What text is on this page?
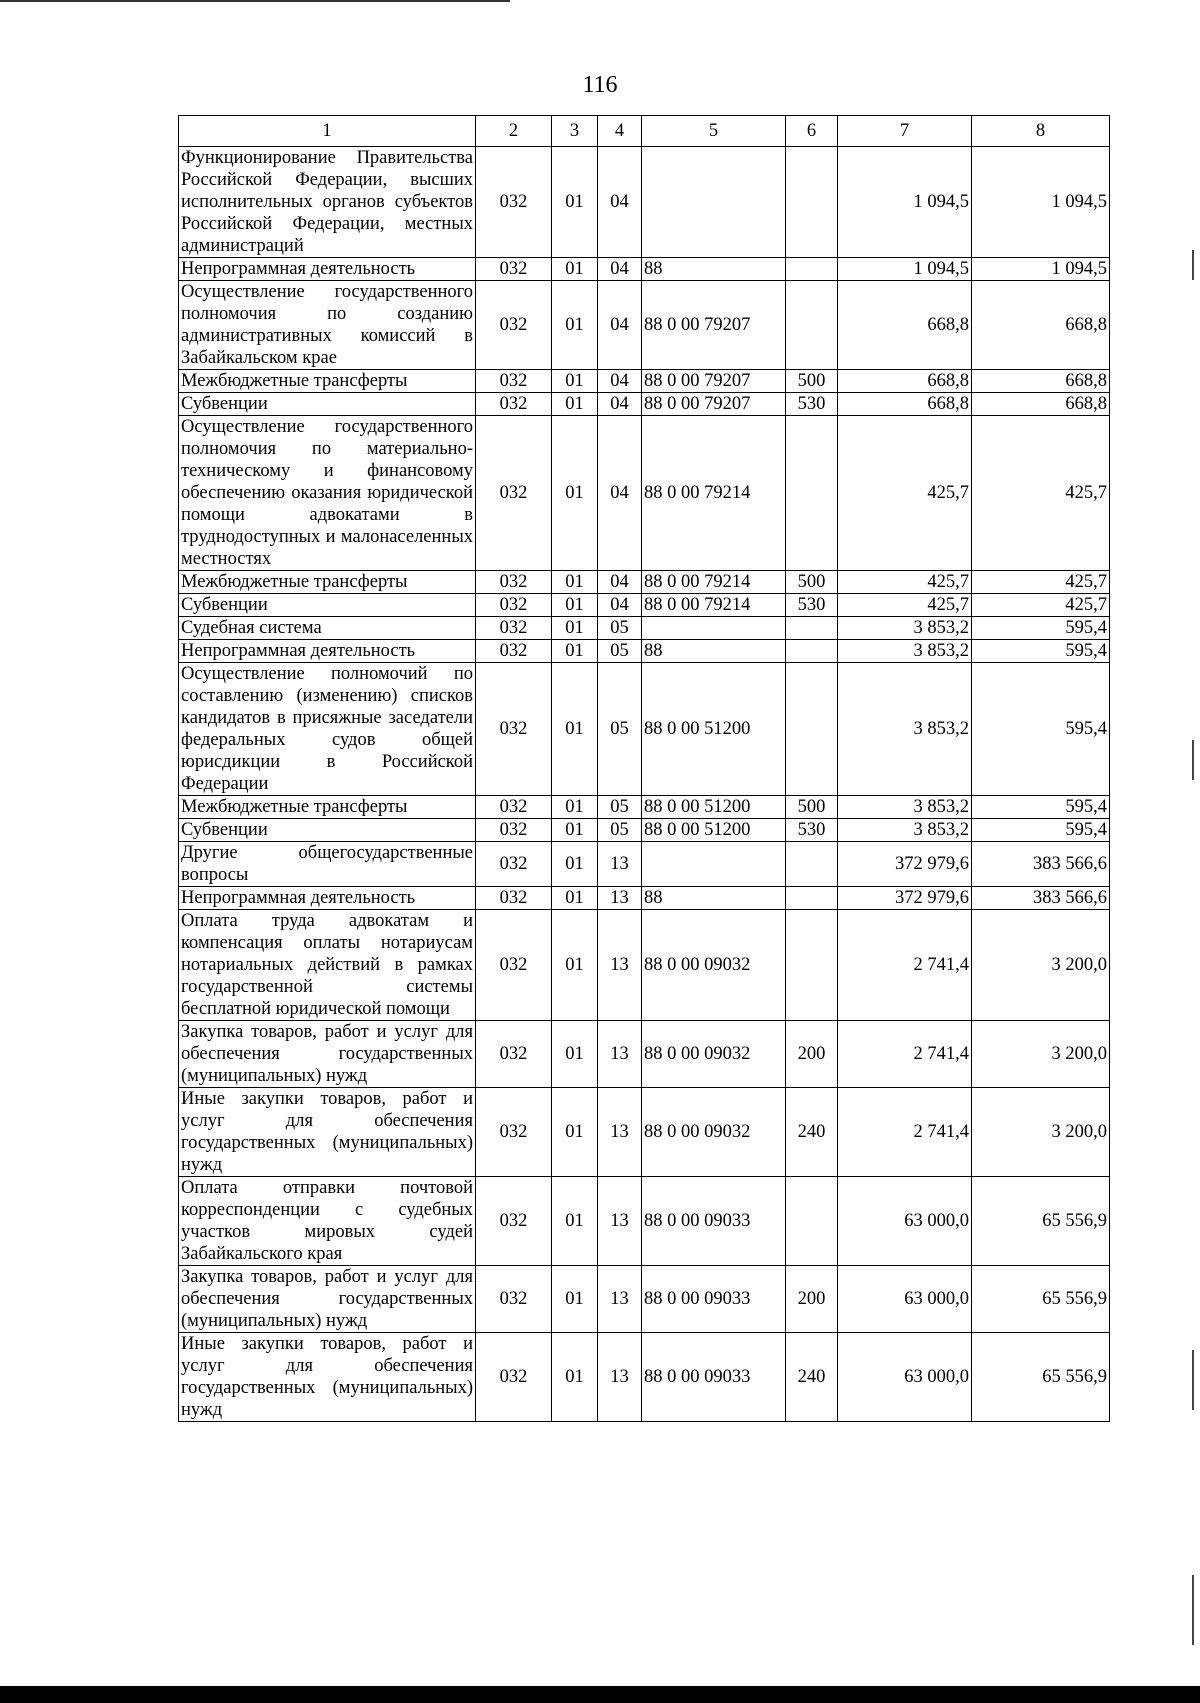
116
1	2	3	4	5	6	7	8
Функционирование Правительства Российской Федерации, высших исполнительных органов субъектов Российской Федерации, местных администраций	032	01	04			1 094,5	1 094,5
Непрограммная деятельность	032	01	04	88		1 094,5	1 094,5
Осуществление государственного полномочия по созданию административных комиссий в Забайкальском крае	032	01	04	88 0 00 79207		668,8	668,8
Межбюджетные трансферты	032	01	04	88 0 00 79207	500	668,8	668,8
Субвенции	032	01	04	88 0 00 79207	530	668,8	668,8
Осуществление государственного полномочия по материально-техническому и финансовому обеспечению оказания юридической помощи адвокатами в труднодоступных и малонаселенных местностях	032	01	04	88 0 00 79214		425,7	425,7
Межбюджетные трансферты	032	01	04	88 0 00 79214	500	425,7	425,7
Субвенции	032	01	04	88 0 00 79214	530	425,7	425,7
Судебная система	032	01	05			3 853,2	595,4
Непрограммная деятельность	032	01	05	88		3 853,2	595,4
Осуществление полномочий по составлению (изменению) списков кандидатов в присяжные заседатели федеральных судов общей юрисдикции в Российской Федерации	032	01	05	88 0 00 51200		3 853,2	595,4
Межбюджетные трансферты	032	01	05	88 0 00 51200	500	3 853,2	595,4
Субвенции	032	01	05	88 0 00 51200	530	3 853,2	595,4
Другие общегосударственные вопросы	032	01	13			372 979,6	383 566,6
Непрограммная деятельность	032	01	13	88		372 979,6	383 566,6
Оплата труда адвокатам и компенсация оплаты нотариусам нотариальных действий в рамках государственной системы бесплатной юридической помощи	032	01	13	88 0 00 09032		2 741,4	3 200,0
Закупка товаров, работ и услуг для обеспечения государственных (муниципальных) нужд	032	01	13	88 0 00 09032	200	2 741,4	3 200,0
Иные закупки товаров, работ и услуг для обеспечения государственных (муниципальных) нужд	032	01	13	88 0 00 09032	240	2 741,4	3 200,0
Оплата отправки почтовой корреспонденции с судебных участков мировых судей Забайкальского края	032	01	13	88 0 00 09033		63 000,0	65 556,9
Закупка товаров, работ и услуг для обеспечения государственных (муниципальных) нужд	032	01	13	88 0 00 09033	200	63 000,0	65 556,9
Иные закупки товаров, работ и услуг для обеспечения государственных (муниципальных) нужд	032	01	13	88 0 00 09033	240	63 000,0	65 556,9
